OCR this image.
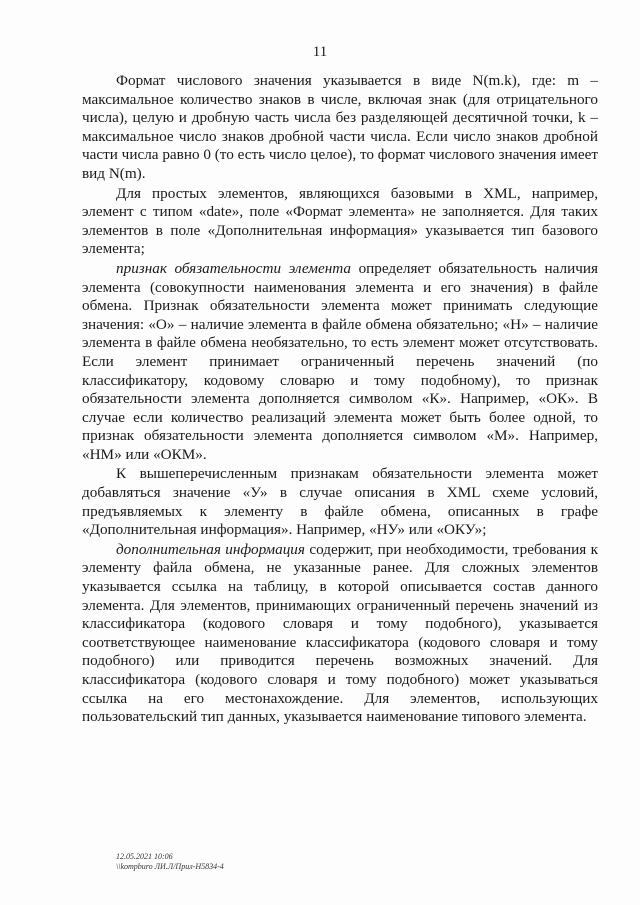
11

Формат числового значения указывается в виде N(m.k), где: m – максимальное количество знаков в числе, включая знак (для отрицательного числа), целую и дробную часть числа без разделяющей десятичной точки, k – максимальное число знаков дробной части числа. Если число знаков дробной части числа равно 0 (то есть число целое), то формат числового значения имеет вид N(m).

Для простых элементов, являющихся базовыми в XML, например, элемент с типом «date», поле «Формат элемента» не заполняется. Для таких элементов в поле «Дополнительная информация» указывается тип базового элемента;

признак обязательности элемента определяет обязательность наличия элемента (совокупности наименования элемента и его значения) в файле обмена. Признак обязательности элемента может принимать следующие значения: «О» – наличие элемента в файле обмена обязательно; «Н» – наличие элемента в файле обмена необязательно, то есть элемент может отсутствовать. Если элемент принимает ограниченный перечень значений (по классификатору, кодовому словарю и тому подобному), то признак обязательности элемента дополняется символом «К». Например, «ОК». В случае если количество реализаций элемента может быть более одной, то признак обязательности элемента дополняется символом «М». Например, «НМ» или «ОКМ».

К вышеперечисленным признакам обязательности элемента может добавляться значение «У» в случае описания в XML схеме условий, предъявляемых к элементу в файле обмена, описанных в графе «Дополнительная информация». Например, «НУ» или «ОКУ»;

дополнительная информация содержит, при необходимости, требования к элементу файла обмена, не указанные ранее. Для сложных элементов указывается ссылка на таблицу, в которой описывается состав данного элемента. Для элементов, принимающих ограниченный перечень значений из классификатора (кодового словаря и тому подобного), указывается соответствующее наименование классификатора (кодового словаря и тому подобного) или приводится перечень возможных значений. Для классификатора (кодового словаря и тому подобного) может указываться ссылка на его местонахождение. Для элементов, использующих пользовательский тип данных, указывается наименование типового элемента.

12.05.2021 10:06
\\kompburo ЛИ.Л/Прил-Н5834-4
